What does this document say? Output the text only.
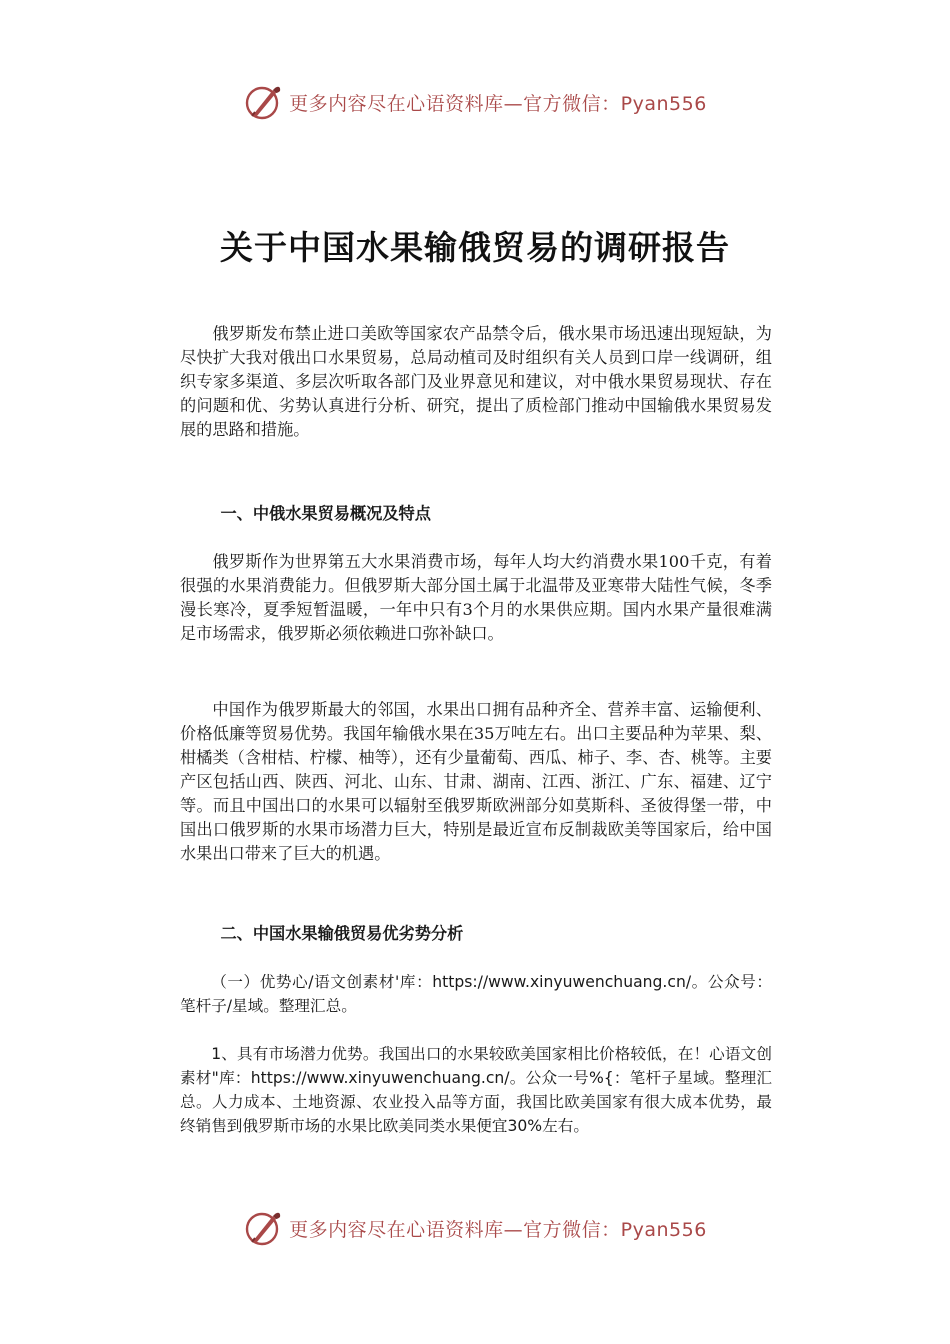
更多内容尽在心语资料库—官方微信：Pyan556
关于中国水果输俄贸易的调研报告

俄罗斯发布禁止进口美欧等国家农产品禁令后，俄水果市场迅速出现短缺，为尽快扩大我对俄出口水果贸易，总局动植司及时组织有关人员到口岸一线调研，组织专家多渠道、多层次听取各部门及业界意见和建议，对中俄水果贸易现状、存在的问题和优、劣势认真进行分析、研究，提出了质检部门推动中国输俄水果贸易发展的思路和措施。

一、中俄水果贸易概况及特点

俄罗斯作为世界第五大水果消费市场，每年人均大约消费水果100千克，有着很强的水果消费能力。但俄罗斯大部分国土属于北温带及亚寒带大陆性气候，冬季漫长寒冷，夏季短暂温暖，一年中只有3个月的水果供应期。国内水果产量很难满足市场需求，俄罗斯必须依赖进口弥补缺口。

中国作为俄罗斯最大的邻国，水果出口拥有品种齐全、营养丰富、运输便利、价格低廉等贸易优势。我国年输俄水果在35万吨左右。出口主要品种为苹果、梨、柑橘类（含柑桔、柠檬、柚等），还有少量葡萄、西瓜、柿子、李、杏、桃等。主要产区包括山西、陕西、河北、山东、甘肃、湖南、江西、浙江、广东、福建、辽宁等。而且中国出口的水果可以辐射至俄罗斯欧洲部分如莫斯科、圣彼得堡一带，中国出口俄罗斯的水果市场潜力巨大，特别是最近宣布反制裁欧美等国家后，给中国水果出口带来了巨大的机遇。

二、中国水果输俄贸易优劣势分析

（一）优势心/语文创素材'库：https://www.xinyuwenchuang.cn/。公众号：笔杆子/星域。整理汇总。

1、具有市场潜力优势。我国出口的水果较欧美国家相比价格较低，在！心语文创素材"库：https://www.xinyuwenchuang.cn/。公众一号%{：笔杆子星域。整理汇总。人力成本、土地资源、农业投入品等方面，我国比欧美国家有很大成本优势，最终销售到俄罗斯市场的水果比欧美同类水果便宜30%左右。

更多内容尽在心语资料库—官方微信：Pyan556
